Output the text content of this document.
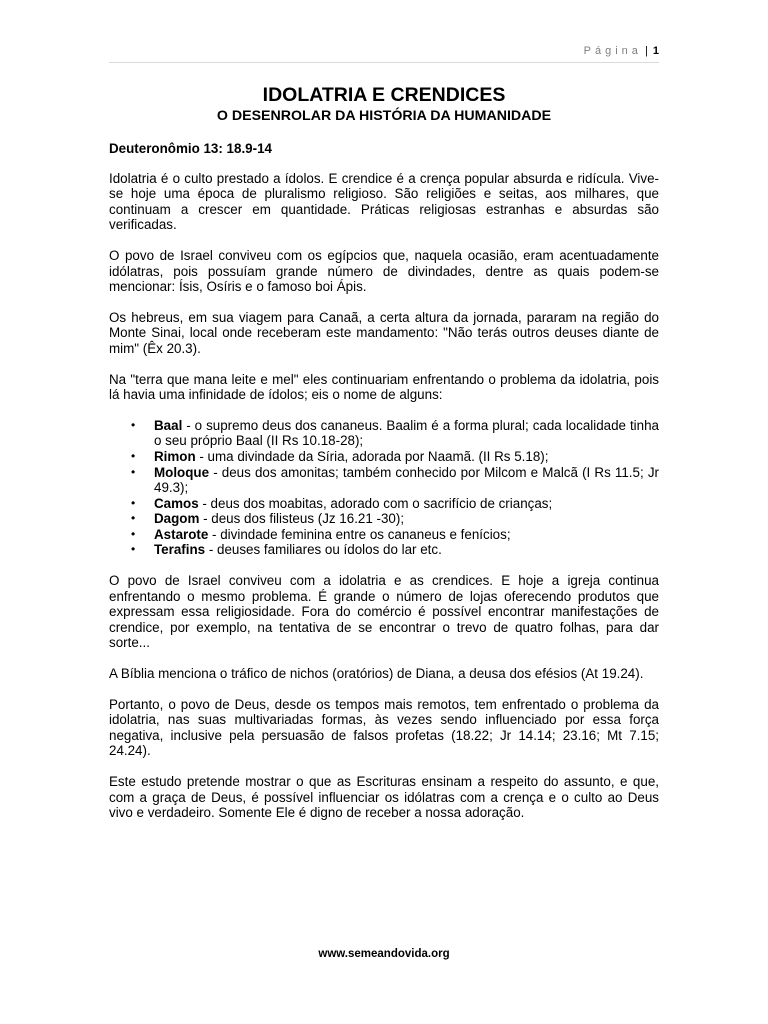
Página | 1
IDOLATRIA E CRENDICES
O DESENROLAR DA HISTÓRIA DA HUMANIDADE
Deuteronômio 13: 18.9-14

Idolatria é o culto prestado a ídolos. E crendice é a crença popular absurda e ridícula. Vive-se hoje uma época de pluralismo religioso. São religiões e seitas, aos milhares, que continuam a crescer em quantidade. Práticas religiosas estranhas e absurdas são verificadas.

O povo de Israel conviveu com os egípcios que, naquela ocasião, eram acentuadamente idólatras, pois possuíam grande número de divindades, dentre as quais podem-se mencionar: Ísis, Osíris e o famoso boi Ápis.

Os hebreus, em sua viagem para Canaã, a certa altura da jornada, pararam na região do Monte Sinai, local onde receberam este mandamento: "Não terás outros deuses diante de mim" (Êx 20.3).

Na "terra que mana leite e mel" eles continuariam enfrentando o problema da idolatria, pois lá havia uma infinidade de ídolos; eis o nome de alguns:

• Baal - o supremo deus dos cananeus. Baalim é a forma plural; cada localidade tinha o seu próprio Baal (II Rs 10.18-28);
• Rimon - uma divindade da Síria, adorada por Naamã. (II Rs 5.18);
• Moloque - deus dos amonitas; também conhecido por Milcom e Malcã (I Rs 11.5; Jr 49.3);
• Camos - deus dos moabitas, adorado com o sacrifício de crianças;
• Dagom - deus dos filisteus (Jz 16.21 -30);
• Astarote - divindade feminina entre os cananeus e fenícios;
• Terafins - deuses familiares ou ídolos do lar etc.

O povo de Israel conviveu com a idolatria e as crendices. E hoje a igreja continua enfrentando o mesmo problema. É grande o número de lojas oferecendo produtos que expressam essa religiosidade. Fora do comércio é possível encontrar manifestações de crendice, por exemplo, na tentativa de se encontrar o trevo de quatro folhas, para dar sorte...

A Bíblia menciona o tráfico de nichos (oratórios) de Diana, a deusa dos efésios (At 19.24).

Portanto, o povo de Deus, desde os tempos mais remotos, tem enfrentado o problema da idolatria, nas suas multivariadas formas, às vezes sendo influenciado por essa força negativa, inclusive pela persuasão de falsos profetas (18.22; Jr 14.14; 23.16; Mt 7.15; 24.24).

Este estudo pretende mostrar o que as Escrituras ensinam a respeito do assunto, e que, com a graça de Deus, é possível influenciar os idólatras com a crença e o culto ao Deus vivo e verdadeiro. Somente Ele é digno de receber a nossa adoração.

www.semeandovida.org
